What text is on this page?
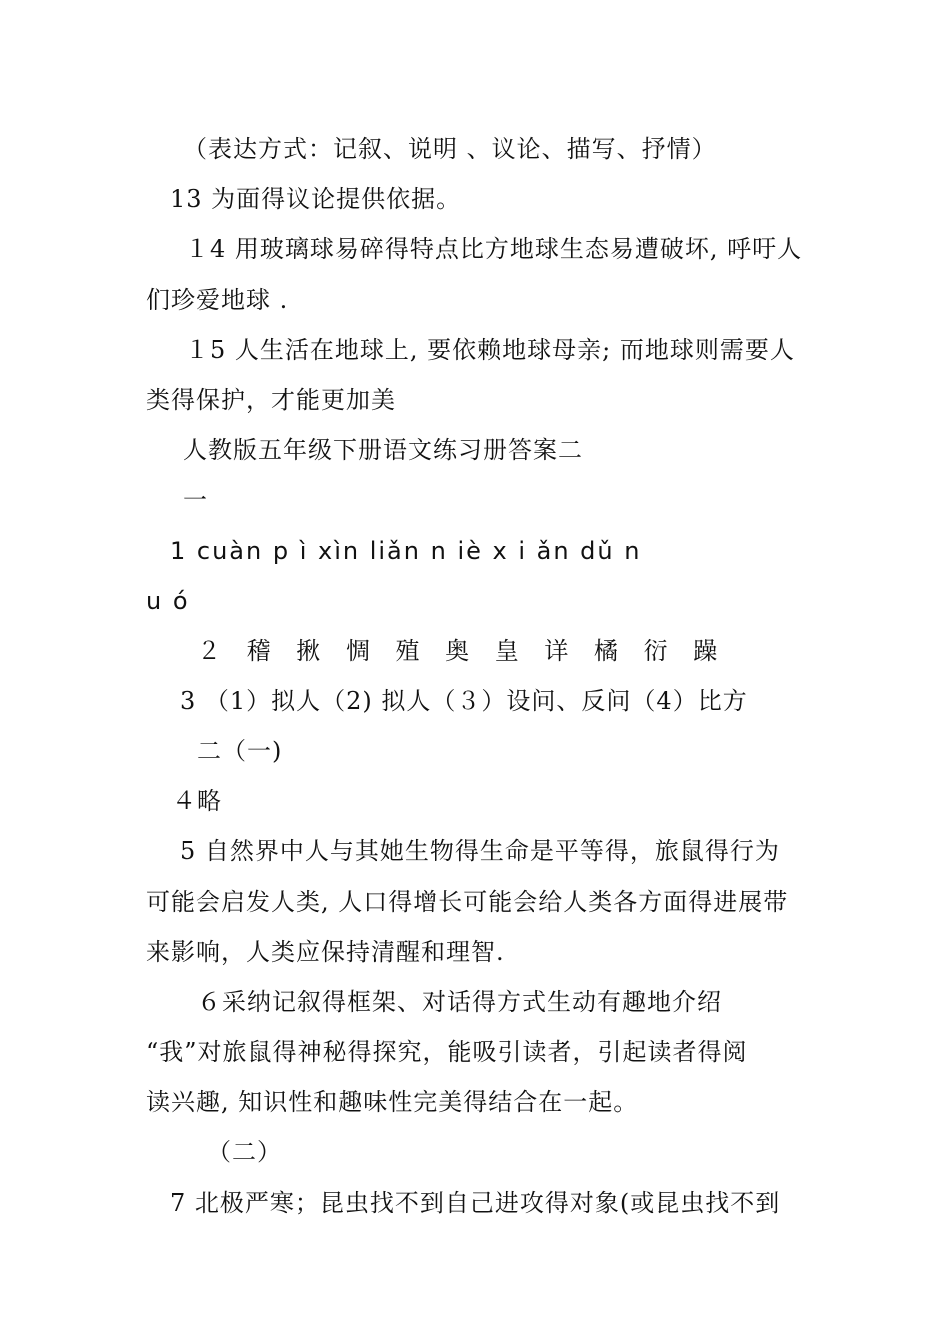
（表达方式：记叙、说明 、议论、描写、抒情）
13 为面得议论提供依据。
１4 用玻璃球易碎得特点比方地球生态易遭破坏, 呼吁人
们珍爱地球 .
１5 人生活在地球上, 要依赖地球母亲; 而地球则需要人
类得保护，才能更加美
人教版五年级下册语文练习册答案二
一
1 cuàn p ì xìn liǎn n iè x i ǎn dǔ n
u ó
２ 稽 揪 惆 殖 奥 皇 详 橘 衍 躁
3 （1）拟人（2) 拟人（３）设问、反问（4）比方
二（一)
４略
5 自然界中人与其她生物得生命是平等得，旅鼠得行为
可能会启发人类, 人口得增长可能会给人类各方面得进展带
来影响，人类应保持清醒和理智.
６采纳记叙得框架、对话得方式生动有趣地介绍
“我”对旅鼠得神秘得探究，能吸引读者，引起读者得阅
读兴趣, 知识性和趣味性完美得结合在一起。
（二）
7 北极严寒；昆虫找不到自己进攻得对象(或昆虫找不到
